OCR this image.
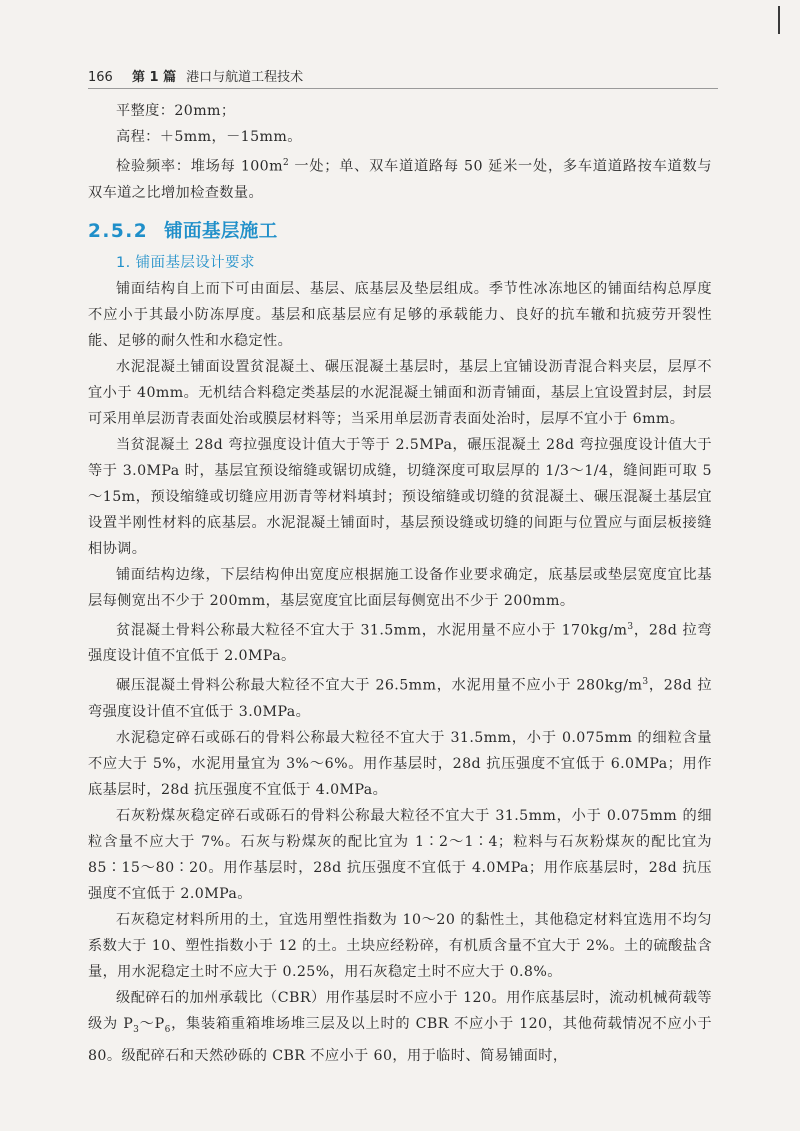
166 第 1 篇 港口与航道工程技术

平整度：20mm；

高程：＋5mm，－15mm。

检验频率：堆场每 $100m^2$ 一处；单、双车道道路每 50 延米一处，多车道道路按车道数与双车道之比增加检查数量。

2.5.2 铺面基层施工
1. 铺面基层设计要求

铺面结构自上而下可由面层、基层、底基层及垫层组成。季节性冰冻地区的铺面结构总厚度不应小于其最小防冻厚度。基层和底基层应有足够的承载能力、良好的抗车辙和抗疲劳开裂性能、足够的耐久性和水稳定性。

水泥混凝土铺面设置贫混凝土、碾压混凝土基层时，基层上宜铺设沥青混合料夹层，层厚不宜小于 40mm。无机结合料稳定类基层的水泥混凝土铺面和沥青铺面，基层上宜设置封层，封层可采用单层沥青表面处治或膜层材料等；当采用单层沥青表面处治时，层厚不宜小于 6mm。

当贫混凝土 28d 弯拉强度设计值大于等于 2.5MPa，碾压混凝土 28d 弯拉强度设计值大于等于 3.0MPa 时，基层宜预设缩缝或锯切成缝，切缝深度可取层厚的 1/3～1/4，缝间距可取 5～15m，预设缩缝或切缝应用沥青等材料填封；预设缩缝或切缝的贫混凝土、碾压混凝土基层宜设置半刚性材料的底基层。水泥混凝土铺面时，基层预设缝或切缝的间距与位置应与面层板接缝相协调。

铺面结构边缘，下层结构伸出宽度应根据施工设备作业要求确定，底基层或垫层宽度宜比基层每侧宽出不少于 200mm，基层宽度宜比面层每侧宽出不少于 200mm。

贫混凝土骨料公称最大粒径不宜大于 31.5mm，水泥用量不应小于 $170kg/m^3$，28d 拉弯强度设计值不宜低于 2.0MPa。

碾压混凝土骨料公称最大粒径不宜大于 26.5mm，水泥用量不应小于 $280kg/m^3$，28d 拉弯强度设计值不宜低于 3.0MPa。

水泥稳定碎石或砾石的骨料公称最大粒径不宜大于 31.5mm，小于 0.075mm 的细粒含量不应大于 5%，水泥用量宜为 3%～6%。用作基层时，28d 抗压强度不宜低于 6.0MPa；用作底基层时，28d 抗压强度不宜低于 4.0MPa。

石灰粉煤灰稳定碎石或砾石的骨料公称最大粒径不宜大于 31.5mm，小于 0.075mm 的细粒含量不应大于 7%。石灰与粉煤灰的配比宜为 1∶2～1∶4；粒料与石灰粉煤灰的配比宜为 85∶15～80∶20。用作基层时，28d 抗压强度不宜低于 4.0MPa；用作底基层时，28d 抗压强度不宜低于 2.0MPa。

石灰稳定材料所用的土，宜选用塑性指数为 10～20 的黏性土，其他稳定材料宜选用不均匀系数大于 10、塑性指数小于 12 的土。土块应经粉碎，有机质含量不宜大于 2%。土的硫酸盐含量，用水泥稳定土时不应大于 0.25%，用石灰稳定土时不应大于 0.8%。

级配碎石的加州承载比（CBR）用作基层时不应小于 120。用作底基层时，流动机械荷载等级为 $P_3\sim P_6$，集装箱重箱堆场堆三层及以上时的 CBR 不应小于 120，其他荷载情况不应小于 80。级配碎石和天然砂砾的 CBR 不应小于 60，用于临时、简易铺面时，
